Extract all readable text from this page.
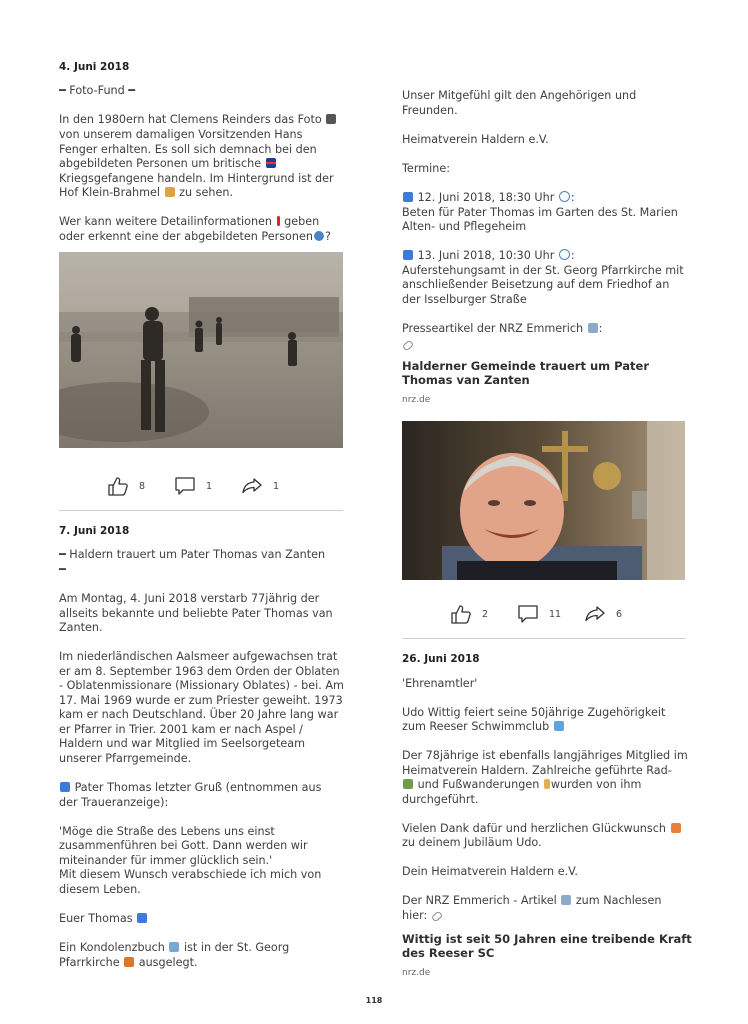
4. Juni 2018
━ Foto-Fund ━
In den 1980ern hat Clemens Reinders das Foto
von unserem damaligen Vorsitzenden Hans
Fenger erhalten. Es soll sich demnach bei den
abgebildeten Personen um britische
Kriegsgefangene handeln. Im Hintergrund ist der
Hof Klein-Brahmel zu sehen.
Wer kann weitere Detailinformationen geben
oder erkennt eine der abgebildeten Personen ?
8	1	1
7. Juni 2018
━ Haldern trauert um Pater Thomas van Zanten
━
Am Montag, 4. Juni 2018 verstarb 77jährig der
allseits bekannte und beliebte Pater Thomas van
Zanten.
Im niederländischen Aalsmeer aufgewachsen trat
er am 8. September 1963 dem Orden der Oblaten
- Oblatenmissionare (Missionary Oblates) - bei. Am
17. Mai 1969 wurde er zum Priester geweiht. 1973
kam er nach Deutschland. Über 20 Jahre lang war
er Pfarrer in Trier. 2001 kam er nach Aspel /
Haldern und war Mitglied im Seelsorgeteam
unserer Pfarrgemeinde.
Pater Thomas letzter Gruß (entnommen aus
der Traueranzeige):
'Möge die Straße des Lebens uns einst
zusammenführen bei Gott. Dann werden wir
miteinander für immer glücklich sein.'
Mit diesem Wunsch verabschiede ich mich von
diesem Leben.
Euer Thomas
Ein Kondolenzbuch ist in der St. Georg
Pfarrkirche ausgelegt.
Unser Mitgefühl gilt den Angehörigen und
Freunden.
Heimatverein Haldern e.V.
Termine:
12. Juni 2018, 18:30 Uhr :
Beten für Pater Thomas im Garten des St. Marien
Alten- und Pflegeheim
13. Juni 2018, 10:30 Uhr :
Auferstehungsamt in der St. Georg Pfarrkirche mit
anschließender Beisetzung auf dem Friedhof an
der Isselburger Straße
Presseartikel der NRZ Emmerich :
Halderner Gemeinde trauert um Pater
Thomas van Zanten
nrz.de
2	11	6
26. Juni 2018
'Ehrenamtler'
Udo Wittig feiert seine 50jährige Zugehörigkeit
zum Reeser Schwimmclub
Der 78jährige ist ebenfalls langjähriges Mitglied im
Heimatverein Haldern. Zahlreiche geführte Rad-
und Fußwanderungen wurden von ihm
durchgeführt.
Vielen Dank dafür und herzlichen Glückwunsch
zu deinem Jubiläum Udo.
Dein Heimatverein Haldern e.V.
Der NRZ Emmerich - Artikel zum Nachlesen
hier:
Wittig ist seit 50 Jahren eine treibende Kraft
des Reeser SC
nrz.de
118
